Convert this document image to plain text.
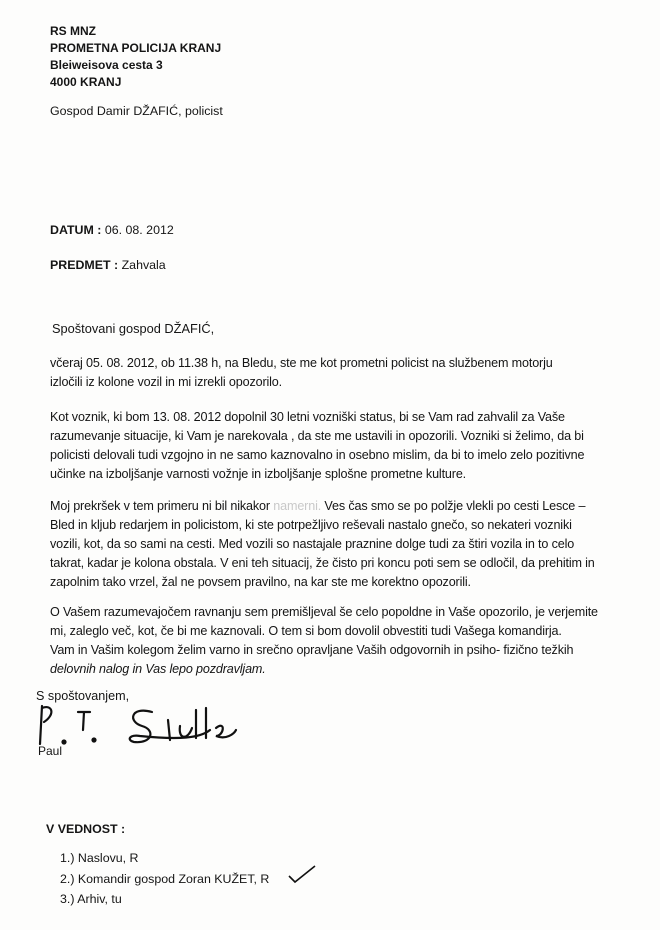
RS MNZ
PROMETNA POLICIJA KRANJ
Bleiweisova cesta 3
4000 KRANJ
Gospod Damir DŽAFIĆ, policist
DATUM : 06. 08. 2012
PREDMET : Zahvala
Spoštovani gospod DŽAFIĆ,
včeraj 05. 08. 2012, ob 11.38 h, na Bledu, ste me kot prometni policist na službenem motorju
izločili iz kolone vozil in mi izrekli opozorilo.
Kot voznik, ki bom 13. 08. 2012 dopolnil 30 letni vozniški status, bi se Vam rad zahvalil za Vaše
razumevanje situacije, ki Vam je narekovala , da ste me ustavili in opozorili. Vozniki si želimo, da bi
policisti delovali tudi vzgojno in ne samo kaznovalno in osebno mislim, da bi to imelo zelo pozitivne
učinke na izboljšanje varnosti vožnje in izboljšanje splošne prometne kulture.
Moj prekršek v tem primeru ni bil nikakor namerni. Ves čas smo se po polžje vlekli po cesti Lesce –
Bled in kljub redarjem in policistom, ki ste potrpežljivo reševali nastalo gnečo, so nekateri vozniki
vozili, kot, da so sami na cesti. Med vozili so nastajale praznine dolge tudi za štiri vozila in to celo
takrat, kadar je kolona obstala. V eni teh situacij, že čisto pri koncu poti sem se odločil, da prehitim in
zapolnim tako vrzel, žal ne povsem pravilno, na kar ste me korektno opozorili.
O Vašem razumevajočem ravnanju sem premišljeval še celo popoldne in Vaše opozorilo, je verjemite
mi, zaleglo več, kot, če bi me kaznovali. O tem si bom dovolil obvestiti tudi Vašega komandirja.
Vam in Vašim kolegom želim varno in srečno opravljane Vaših odgovornih in psiho- fizično težkih
delovnih nalog in Vas lepo pozdravljam.
S spoštovanjem,
Paul
V VEDNOST :
1.) Naslovu, R
2.) Komandir gospod Zoran KUŽET, R
3.) Arhiv, tu
